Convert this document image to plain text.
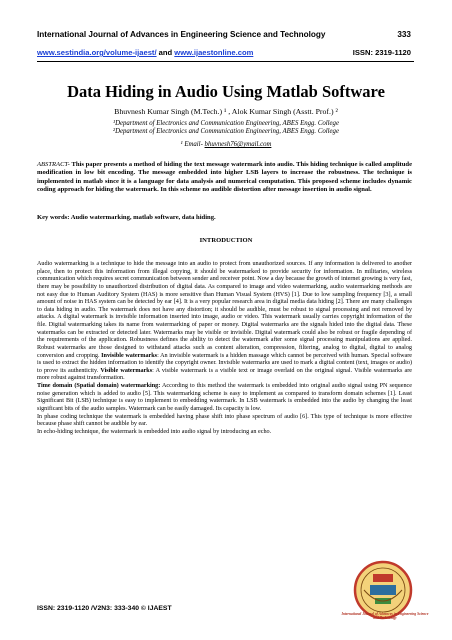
International Journal of Advances in Engineering Science and Technology	333
www.sestindia.org/volume-ijaest/ and www.ijaestonline.com	ISSN: 2319-1120
Data Hiding in Audio Using Matlab Software
Bhuvnesh Kumar Singh (M.Tech.) ¹ , Alok Kumar Singh (Asstt. Prof.) ²
¹Department of Electronics and Communication Engineering, ABES Engg. College
²Department of Electronics and Communication Engineering, ABES Engg. College
¹ Email- bhuvnesh76@ymail.com
ABSTRACT- This paper presents a method of hiding the text message watermark into audio. This hiding technique is called amplitude modification in low bit encoding. The message embedded into higher LSB layers to increase the robustness. The technique is implemented in matlab since it is a language for data analysis and numerical computation. This proposed scheme includes dynamic coding approach for hiding the watermark. In this scheme no audible distortion after message insertion in audio signal.
Key words: Audio watermarking, matlab software, data hiding.
INTRODUCTION

Audio watermarking is a technique to hide the message into an audio to protect from unauthorized sources. If any information is delivered to another place, then to protect this information from illegal copying, it should be watermarked to provide security for information. In militaries, wireless communication which requires secret communication between sender and receiver point. Now a day because the growth of internet growing is very fast, there may be possibility to unauthorized distribution of digital data. As compared to image and video watermarking, audio watermarking methods are not easy due to Human Auditory System (HAS) is more sensitive than Human Visual System (HVS) [1]. Due to low sampling frequency [3], a small amount of noise in HAS system can be detected by ear [4]. It is a very popular research area in digital media data hiding [2]. There are many challenges to data hiding in audio. The watermark does not have any distortion; it should be audible, must be robust to signal processing and not removed by attacks. A digital watermark is invisible information inserted into image, audio or video. This watermark usually carries copyright information of the file. Digital watermarking takes its name from watermarking of paper or money. Digital watermarks are the signals hided into the digital data. These watermarks can be extracted or detected later. Watermarks may be visible or invisible. Digital watermark could also be robust or fragile depending of the requirements of the application. Robustness defines the ability to detect the watermark after some signal processing manipulations are applied. Robust watermarks are those designed to withstand attacks such as content alteration, compression, filtering, analog to digital, digital to analog conversion and cropping. Invisible watermarks: An invisible watermark is a hidden massage which cannot be perceived with human. Special software is used to extract the hidden information to identify the copyright owner. Invisible watermarks are used to mark a digital content (text, images or audio) to prove its authenticity. Visible watermarks: A visible watermark is a visible text or image overlaid on the original signal. Visible watermarks are more robust against transformation.

Time domain (Spatial domain) watermarking: According to this method the watermark is embedded into original audio signal using PN sequence noise generation which is added to audio [5]. This watermarking scheme is easy to implement as compared to transform domain schemes [1]. Least Significant Bit (LSB) technique is easy to implement to embedding watermark. In LSB watermark is embedded into the audio by changing the least significant bits of the audio samples. Watermark can be easily damaged. Its capacity is low.

In phase coding technique the watermark is embedded having phase shift into phase spectrum of audio [6]. This type of technique is more effective because phase shift cannot be audible by ear.

In echo-hiding technique, the watermark is embedded into audio signal by introducing an echo.

ISSN: 2319-1120 /V2N3: 333-340 © IJAEST
International Journal of Advances in Engineering Science and Technology
